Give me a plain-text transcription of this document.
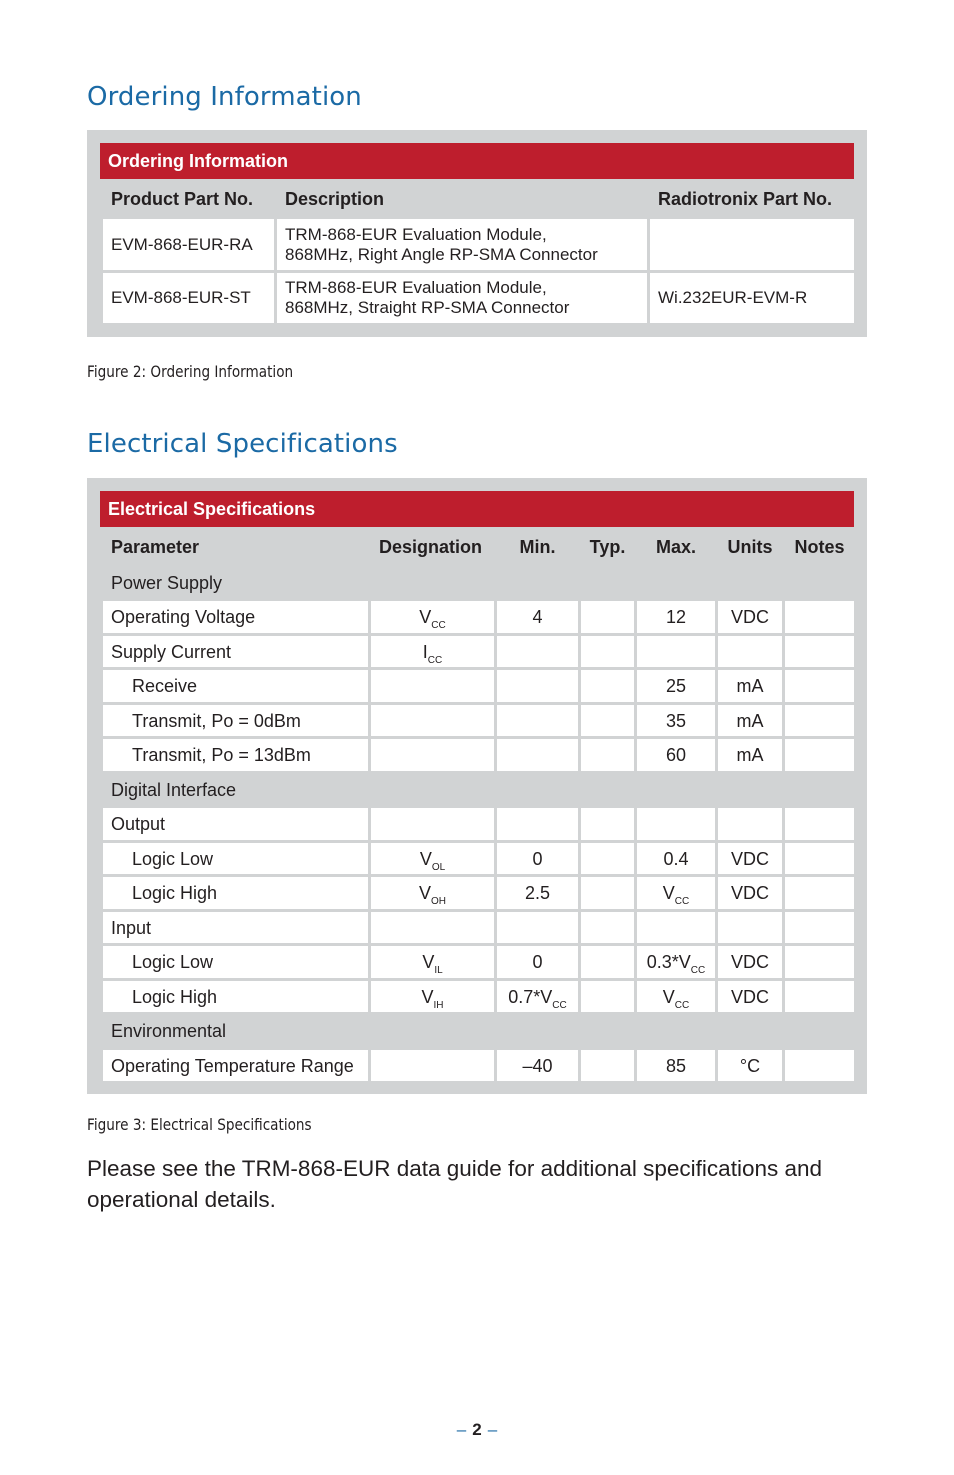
Ordering Information
Ordering Information
Product Part No.	Description	Radiotronix Part No.
EVM-868-EUR-RA	TRM-868-EUR Evaluation Module,
868MHz, Right Angle RP-SMA Connector	
EVM-868-EUR-ST	TRM-868-EUR Evaluation Module,
868MHz, Straight RP-SMA Connector	Wi.232EUR-EVM-R

Figure 2: Ordering Information

Electrical Specifications
Electrical Specifications
Parameter	Designation	Min.	Typ.	Max.	Units	Notes
Power Supply						
Operating Voltage	$V_{CC}$	4		12	VDC	
Supply Current	$I_{CC}$					
Receive				25	mA	
Transmit, Po = 0dBm				35	mA	
Transmit, Po = 13dBm				60	mA	
Digital Interface						
Output						
Logic Low	$V_{OL}$	0		0.4	VDC	
Logic High	$V_{OH}$	2.5		$V_{CC}$	VDC	
Input						
Logic Low	$V_{IL}$	0		$0.3*V_{CC}$	VDC	
Logic High	$V_{IH}$	$0.7*V_{CC}$		$V_{CC}$	VDC	
Environmental						
Operating Temperature Range		–40		85	°C	

Figure 3: Electrical Specifications

Please see the TRM-868-EUR data guide for additional specifications and operational details.

– 2 –
